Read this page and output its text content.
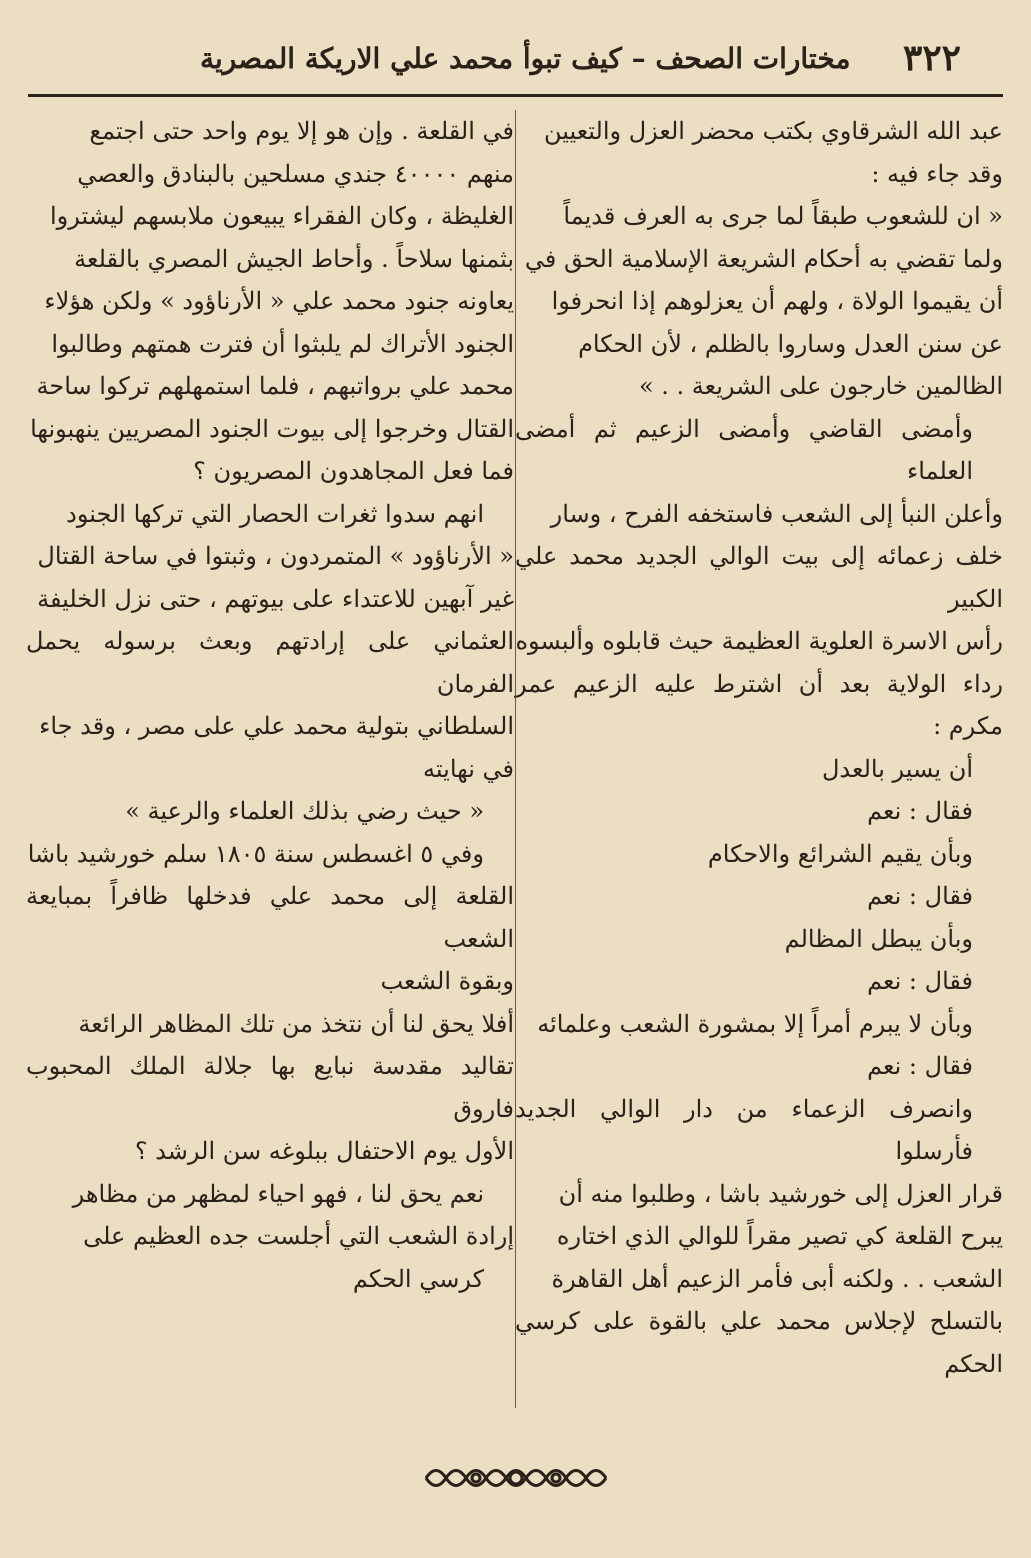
٣٢٢
مختارات الصحف – كيف تبوأ محمد علي الاريكة المصرية

عبد الله الشرقاوي بكتب محضر العزل والتعيين

وقد جاء فيه :

« ان للشعوب طبقاً لما جرى به العرف قديماً

ولما تقضي به أحكام الشريعة الإسلامية الحق في

أن يقيموا الولاة ، ولهم أن يعزلوهم إذا انحرفوا

عن سنن العدل وساروا بالظلم ، لأن الحكام

الظالمين خارجون على الشريعة . . »

وأمضى القاضي وأمضى الزعيم ثم أمضى العلماء

وأعلن النبأ إلى الشعب فاستخفه الفرح ، وسار

خلف زعمائه إلى بيت الوالي الجديد محمد علي الكبير

رأس الاسرة العلوية العظيمة حيث قابلوه وألبسوه

رداء الولاية بعد أن اشترط عليه الزعيم عمر مكرم :

أن يسير بالعدل

فقال : نعم

وبأن يقيم الشرائع والاحكام

فقال : نعم

وبأن يبطل المظالم

فقال : نعم

وبأن لا يبرم أمراً إلا بمشورة الشعب وعلمائه

فقال : نعم

وانصرف الزعماء من دار الوالي الجديد فأرسلوا

قرار العزل إلى خورشيد باشا ، وطلبوا منه أن

يبرح القلعة كي تصير مقراً للوالي الذي اختاره

الشعب . . ولكنه أبى فأمر الزعيم أهل القاهرة

بالتسلح لإجلاس محمد علي بالقوة على كرسي الحكم

في القلعة . وإن هو إلا يوم واحد حتى اجتمع

منهم ٤٠٠٠٠ جندي مسلحين بالبنادق والعصي

الغليظة ، وكان الفقراء يبيعون ملابسهم ليشتروا

بثمنها سلاحاً . وأحاط الجيش المصري بالقلعة

يعاونه جنود محمد علي « الأرناؤود » ولكن هؤلاء

الجنود الأتراك لم يلبثوا أن فترت همتهم وطالبوا

محمد علي برواتبهم ، فلما استمهلهم تركوا ساحة

القتال وخرجوا إلى بيوت الجنود المصريين ينهبونها

فما فعل المجاهدون المصريون ؟

انهم سدوا ثغرات الحصار التي تركها الجنود

« الأرناؤود » المتمردون ، وثبتوا في ساحة القتال

غير آبهين للاعتداء على بيوتهم ، حتى نزل الخليفة

العثماني على إرادتهم وبعث برسوله يحمل الفرمان

السلطاني بتولية محمد علي على مصر ، وقد جاء

في نهايته

« حيث رضي بذلك العلماء والرعية »

وفي ٥ اغسطس سنة ١٨٠٥ سلم خورشيد باشا

القلعة إلى محمد علي فدخلها ظافراً بمبايعة الشعب

وبقوة الشعب

أفلا يحق لنا أن نتخذ من تلك المظاهر الرائعة

تقاليد مقدسة نبايع بها جلالة الملك المحبوب فاروق

الأول يوم الاحتفال ببلوغه سن الرشد ؟

نعم يحق لنا ، فهو احياء لمظهر من مظاهر

إرادة الشعب التي أجلست جده العظيم على

كرسي الحكم
